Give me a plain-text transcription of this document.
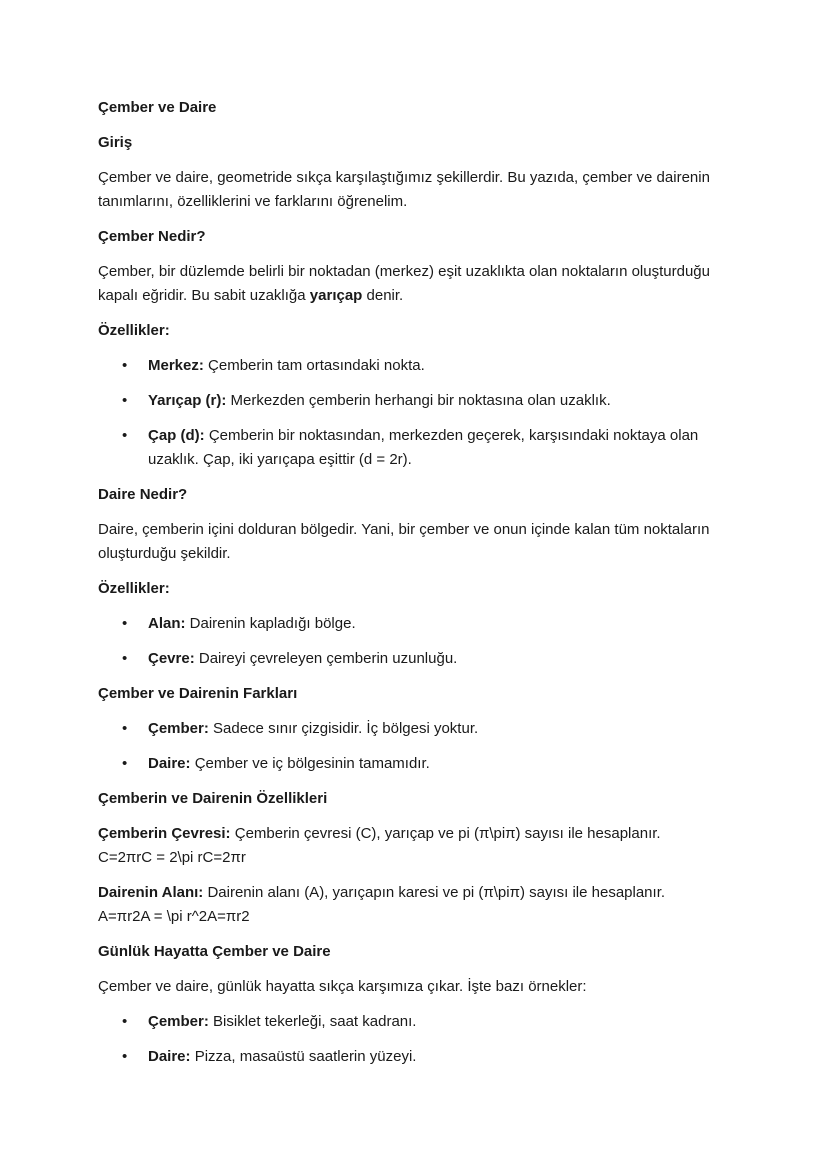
Çember ve Daire

Giriş

Çember ve daire, geometride sıkça karşılaştığımız şekillerdir. Bu yazıda, çember ve dairenin tanımlarını, özelliklerini ve farklarını öğrenelim.

Çember Nedir?

Çember, bir düzlemde belirli bir noktadan (merkez) eşit uzaklıkta olan noktaların oluşturduğu kapalı eğridir. Bu sabit uzaklığa yarıçap denir.

Özellikler:

• Merkez: Çemberin tam ortasındaki nokta.
• Yarıçap (r): Merkezden çemberin herhangi bir noktasına olan uzaklık.
• Çap (d): Çemberin bir noktasından, merkezden geçerek, karşısındaki noktaya olan uzaklık. Çap, iki yarıçapa eşittir (d = 2r).

Daire Nedir?

Daire, çemberin içini dolduran bölgedir. Yani, bir çember ve onun içinde kalan tüm noktaların oluşturduğu şekildir.

Özellikler:

• Alan: Dairenin kapladığı bölge.
• Çevre: Daireyi çevreleyen çemberin uzunluğu.

Çember ve Dairenin Farkları

• Çember: Sadece sınır çizgisidir. İç bölgesi yoktur.
• Daire: Çember ve iç bölgesinin tamamıdır.

Çemberin ve Dairenin Özellikleri

Çemberin Çevresi: Çemberin çevresi (C), yarıçap ve pi (π\piπ) sayısı ile hesaplanır.
C=2πrC = 2\pi rC=2πr

Dairenin Alanı: Dairenin alanı (A), yarıçapın karesi ve pi (π\piπ) sayısı ile hesaplanır.
A=πr2A = \pi r^2A=πr2

Günlük Hayatta Çember ve Daire

Çember ve daire, günlük hayatta sıkça karşımıza çıkar. İşte bazı örnekler:

• Çember: Bisiklet tekerleği, saat kadranı.
• Daire: Pizza, masaüstü saatlerin yüzeyi.
